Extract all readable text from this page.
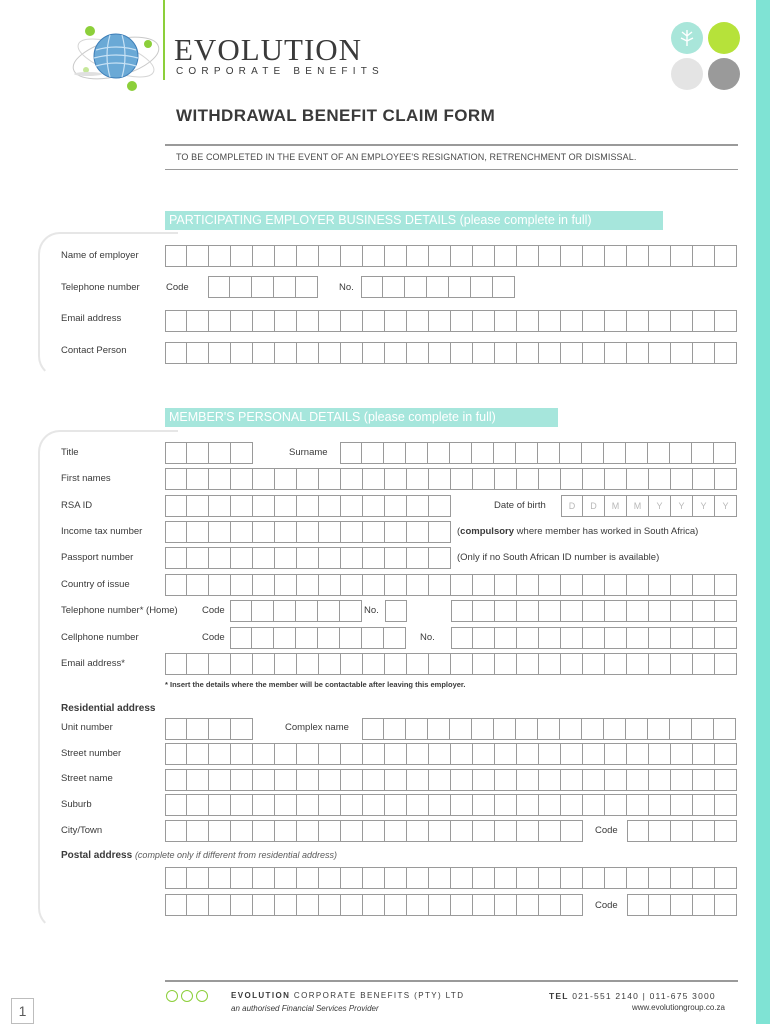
EVOLUTION
CORPORATE BENEFITS
WITHDRAWAL BENEFIT CLAIM FORM
TO BE COMPLETED IN THE EVENT OF AN EMPLOYEE'S RESIGNATION, RETRENCHMENT OR DISMISSAL.
PARTICIPATING EMPLOYER BUSINESS DETAILS (please complete in full)
Name of employer
Telephone number	Code	No.
Email address
Contact Person
MEMBER'S PERSONAL DETAILS (please complete in full)
Title	Surname
First names
RSA ID	Date of birth	D	D	M	M	Y	Y	Y	Y
Income tax number	(compulsory where member has worked in South Africa)
Passport number	(Only if no South African ID number is available)
Country of issue
Telephone number* (Home)	Code	No.
Cellphone number	Code	No.
Email address*
* Insert the details where the member will be contactable after leaving this employer.
Residential address
Unit number	Complex name
Street number
Street name
Suburb
City/Town	Code
Postal address (complete only if different from residential address)
Code
EVOLUTION CORPORATE BENEFITS (PTY) LTD
an authorised Financial Services Provider
TEL 021-551 2140 | 011-675 3000
www.evolutiongroup.co.za
1
